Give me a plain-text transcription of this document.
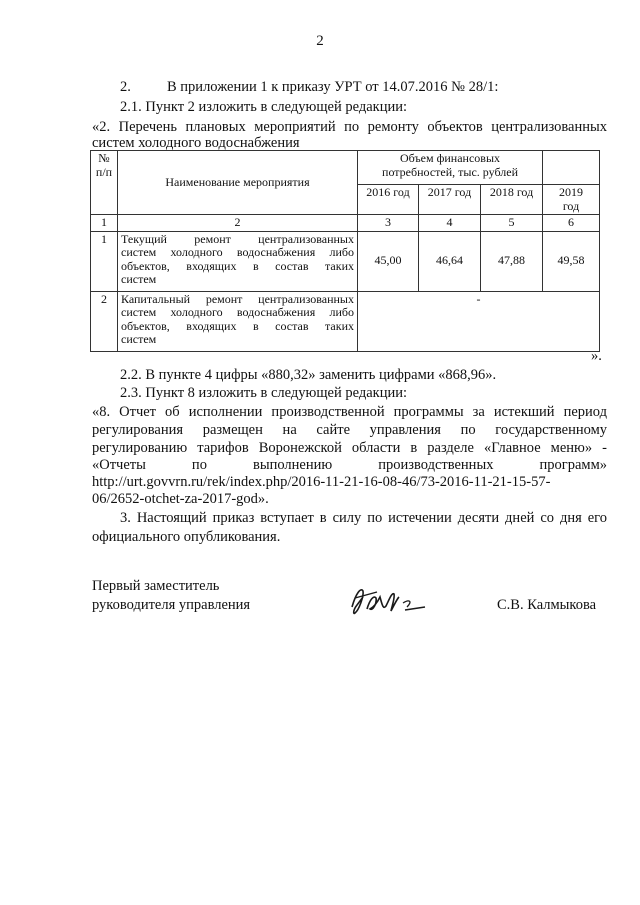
2
2. В приложении 1 к приказу УРТ от 14.07.2016 № 28/1:
2.1. Пункт 2 изложить в следующей редакции:
«2. Перечень плановых мероприятий по ремонту объектов централизованных
систем холодного водоснабжения
№
п/п	Наименование мероприятия	Объем финансовых
потребностей, тыс. рублей			
		2016 год	2017 год	2018 год	2019
год
1	2	3	4	5	6
1	Текущий ремонт централизованных
систем холодного водоснабжения либо
объектов, входящих в состав таких
систем	45,00	46,64	47,88	49,58
2	Капитальный ремонт централизованных
систем холодного водоснабжения либо
объектов, входящих в состав таких
систем	-			
».
2.2. В пункте 4 цифры «880,32» заменить цифрами «868,96».
2.3. Пункт 8 изложить в следующей редакции:
«8. Отчет об исполнении производственной программы за истекший период
регулирования размещен на сайте управления по государственному
регулированию тарифов Воронежской области в разделе «Главное меню» -
«Отчеты по выполнению производственных программ»
http://urt.govvrn.ru/rek/index.php/2016-11-21-16-08-46/73-2016-11-21-15-57-
06/2652-otchet-za-2017-god».
3. Настоящий приказ вступает в силу по истечении десяти дней со дня его
официального опубликования.
Первый заместитель
руководителя управления	С.В. Калмыкова
